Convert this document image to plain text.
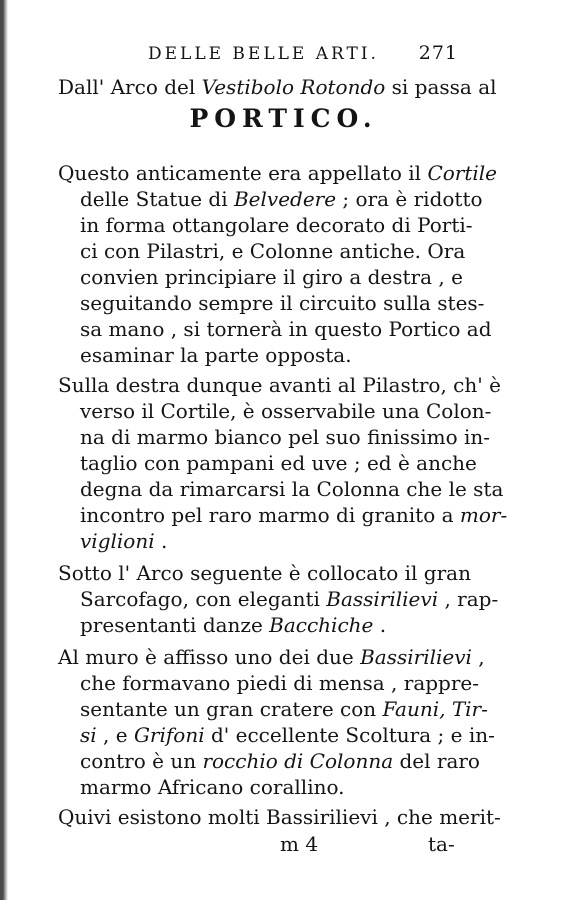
DELLE BELLE ARTI. 271
Dall' Arco del Vestibolo Rotondo si passa al
PORTICO.
Questo anticamente era appellato il Cortile
delle Statue di Belvedere ; ora è ridotto
in forma ottangolare decorato di Porti-
ci con Pilastri, e Colonne antiche. Ora
convien principiare il giro a destra , e
seguitando sempre il circuito sulla stes-
sa mano , si tornerà in questo Portico ad
esaminar la parte opposta.
Sulla destra dunque avanti al Pilastro, ch' è
verso il Cortile, è osservabile una Colon-
na di marmo bianco pel suo finissimo in-
taglio con pampani ed uve ; ed è anche
degna da rimarcarsi la Colonna che le sta
incontro pel raro marmo di granito a mor-
viglioni .
Sotto l' Arco seguente è collocato il gran
Sarcofago, con eleganti Bassirilievi , rap-
presentanti danze Bacchiche .
Al muro è affisso uno dei due Bassirilievi ,
che formavano piedi di mensa , rappre-
sentante un gran cratere con Fauni, Tir-
si , e Grifoni d' eccellente Scoltura ; e in-
contro è un rocchio di Colonna del raro
marmo Africano corallino.
Quivi esistono molti Bassirilievi , che merit-
m 4	ta-
